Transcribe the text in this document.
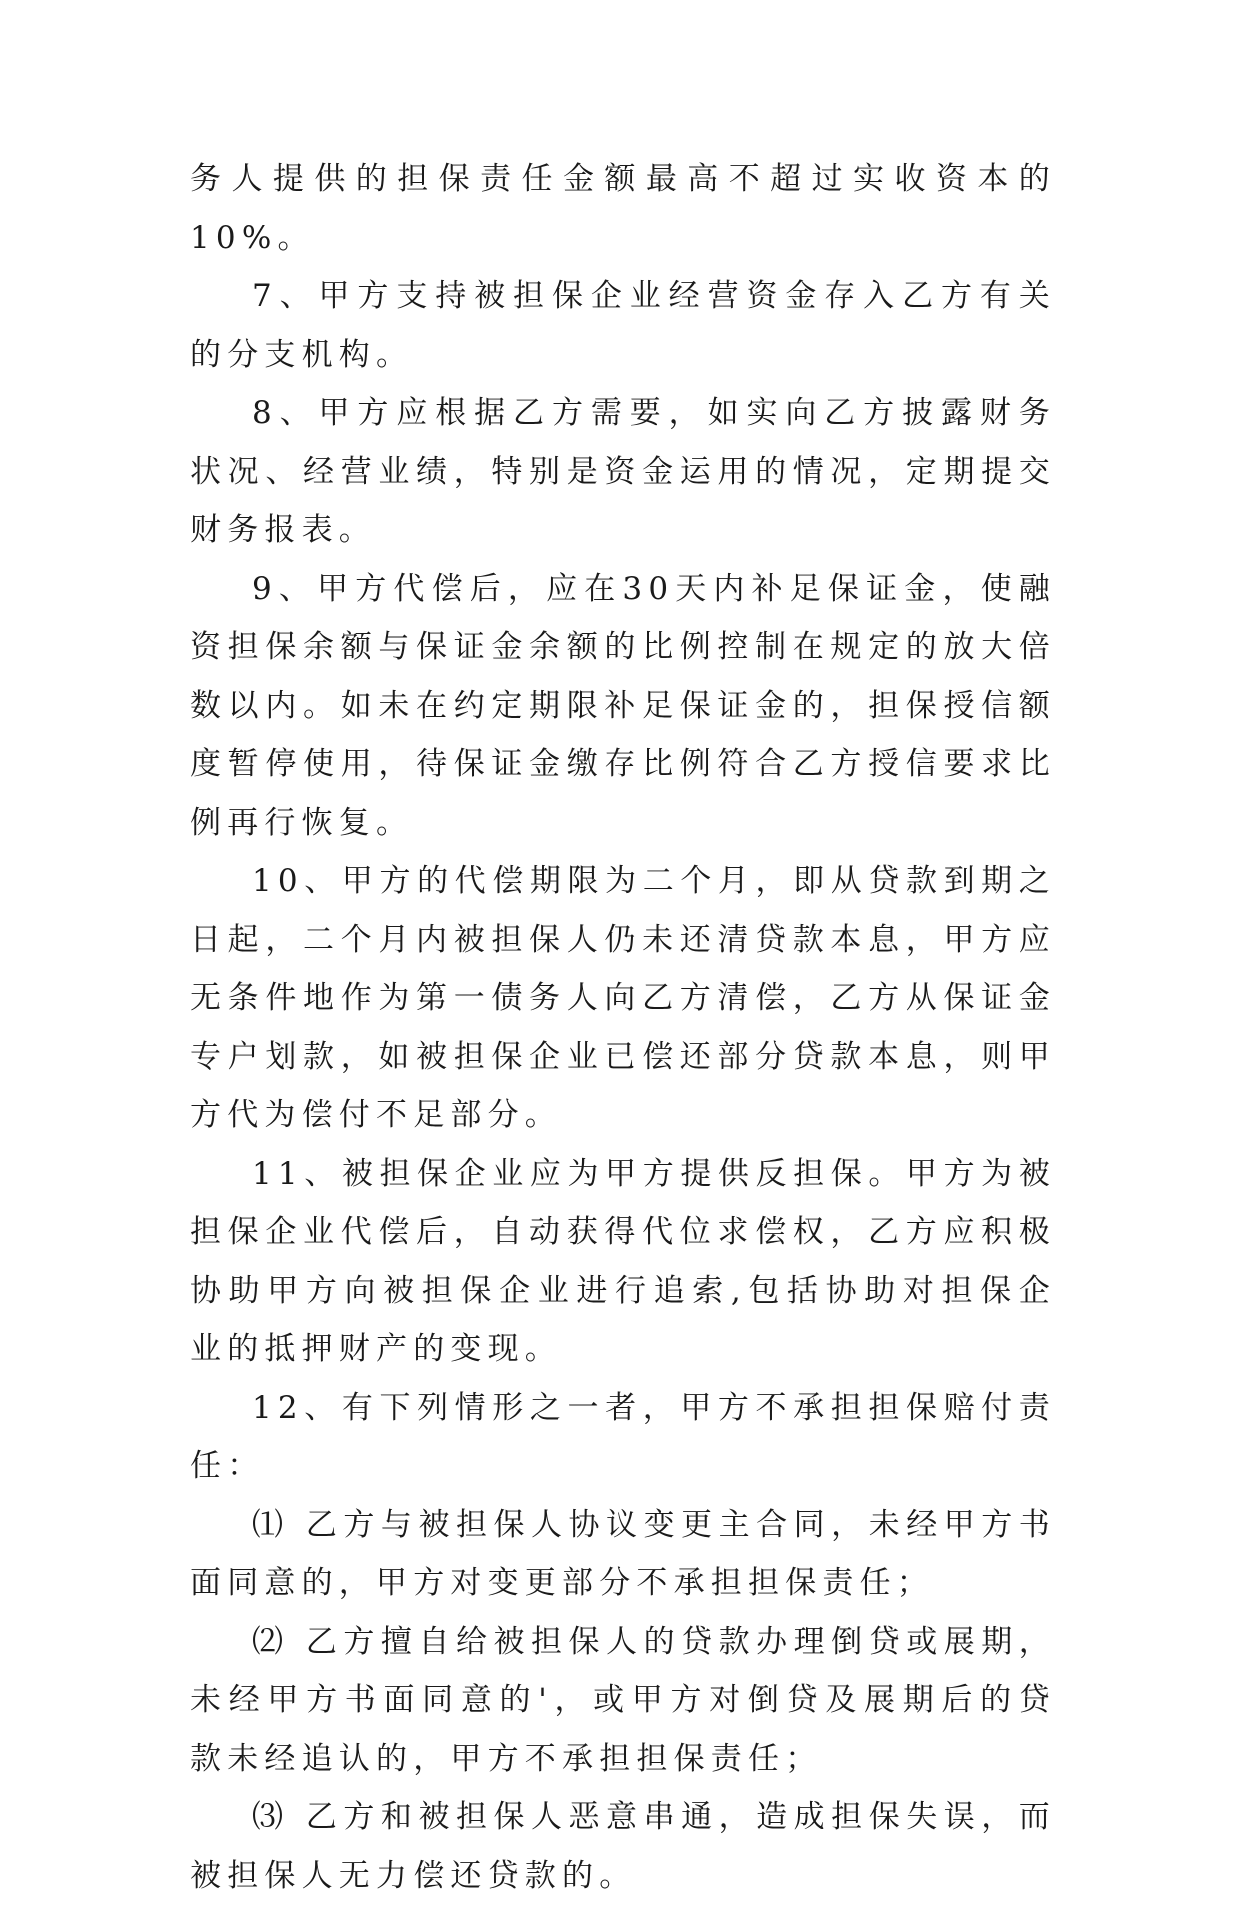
务人提供的担保责任金额最高不超过实收资本的10%。

7、甲方支持被担保企业经营资金存入乙方有关的分支机构。

8、甲方应根据乙方需要，如实向乙方披露财务状况、经营业绩，特别是资金运用的情况，定期提交财务报表。

9、甲方代偿后，应在30天内补足保证金，使融资担保余额与保证金余额的比例控制在规定的放大倍数以内。如未在约定期限补足保证金的，担保授信额度暂停使用，待保证金缴存比例符合乙方授信要求比例再行恢复。

10、甲方的代偿期限为二个月，即从贷款到期之日起，二个月内被担保人仍未还清贷款本息，甲方应无条件地作为第一债务人向乙方清偿，乙方从保证金专户划款，如被担保企业已偿还部分贷款本息，则甲方代为偿付不足部分。

11、被担保企业应为甲方提供反担保。甲方为被担保企业代偿后，自动获得代位求偿权，乙方应积极协助甲方向被担保企业进行追索,包括协助对担保企业的抵押财产的变现。

12、有下列情形之一者，甲方不承担担保赔付责任：

⑴ 乙方与被担保人协议变更主合同，未经甲方书面同意的，甲方对变更部分不承担担保责任；

⑵ 乙方擅自给被担保人的贷款办理倒贷或展期，未经甲方书面同意的'，或甲方对倒贷及展期后的贷款未经追认的，甲方不承担担保责任；

⑶ 乙方和被担保人恶意串通，造成担保失误，而被担保人无力偿还贷款的。
